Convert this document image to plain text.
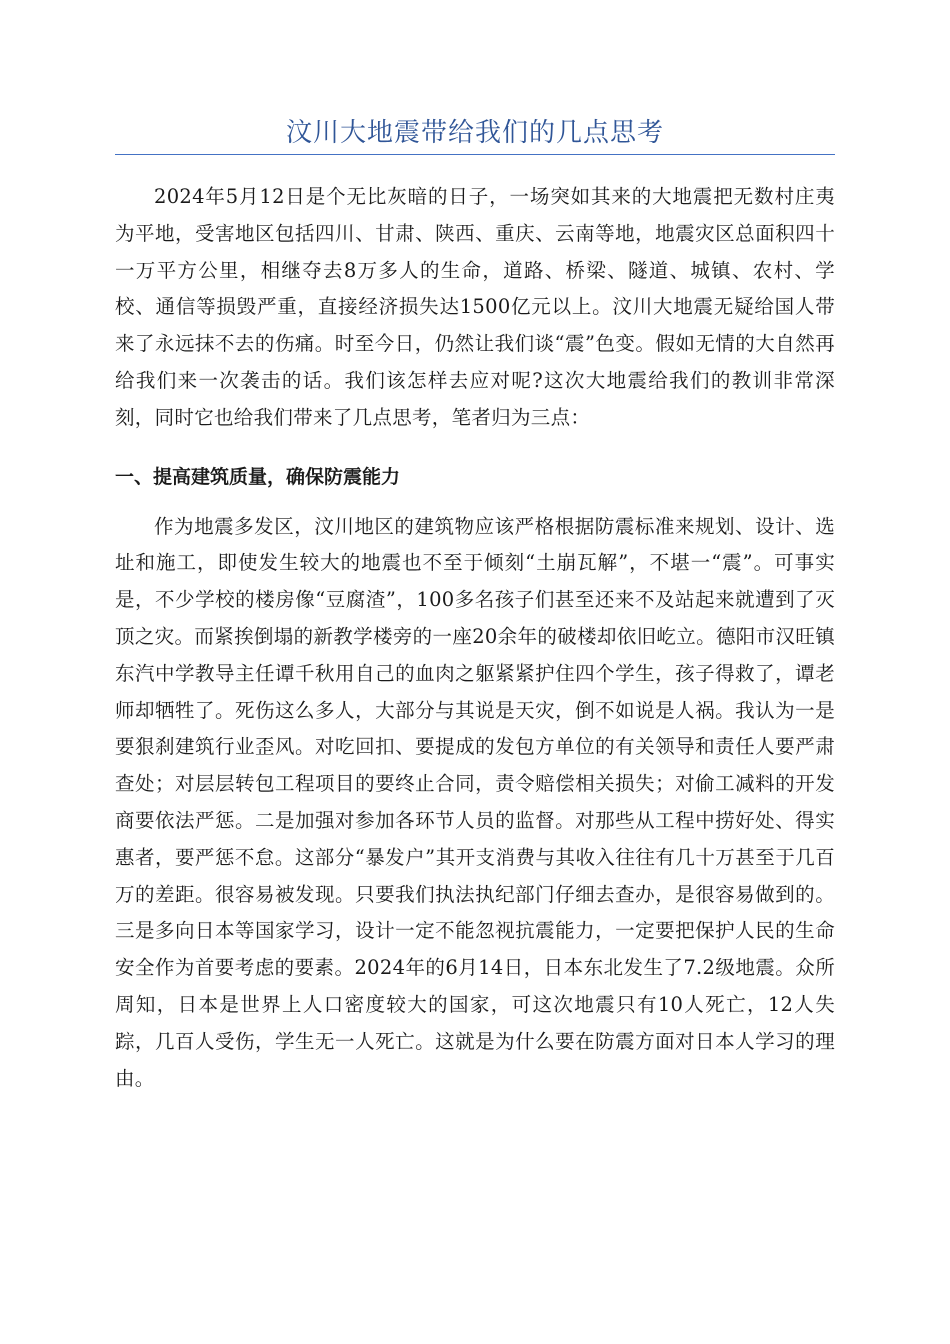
汶川大地震带给我们的几点思考

2024年5月12日是个无比灰暗的日子，一场突如其来的大地震把无数村庄夷为平地，受害地区包括四川、甘肃、陕西、重庆、云南等地，地震灾区总面积四十一万平方公里，相继夺去8万多人的生命，道路、桥梁、隧道、城镇、农村、学校、通信等损毁严重，直接经济损失达1500亿元以上。汶川大地震无疑给国人带来了永远抹不去的伤痛。时至今日，仍然让我们谈“震”色变。假如无情的大自然再给我们来一次袭击的话。我们该怎样去应对呢?这次大地震给我们的教训非常深刻，同时它也给我们带来了几点思考，笔者归为三点：

一、提高建筑质量，确保防震能力

作为地震多发区，汶川地区的建筑物应该严格根据防震标准来规划、设计、选址和施工，即使发生较大的地震也不至于倾刻“土崩瓦解”，不堪一“震”。可事实是，不少学校的楼房像“豆腐渣”，100多名孩子们甚至还来不及站起来就遭到了灭顶之灾。而紧挨倒塌的新教学楼旁的一座20余年的破楼却依旧屹立。德阳市汉旺镇东汽中学教导主任谭千秋用自己的血肉之躯紧紧护住四个学生，孩子得救了，谭老师却牺牲了。死伤这么多人，大部分与其说是天灾，倒不如说是人祸。我认为一是要狠刹建筑行业歪风。对吃回扣、要提成的发包方单位的有关领导和责任人要严肃查处；对层层转包工程项目的要终止合同，责令赔偿相关损失；对偷工减料的开发商要依法严惩。二是加强对参加各环节人员的监督。对那些从工程中捞好处、得实惠者，要严惩不怠。这部分“暴发户”其开支消费与其收入往往有几十万甚至于几百万的差距。很容易被发现。只要我们执法执纪部门仔细去查办，是很容易做到的。三是多向日本等国家学习，设计一定不能忽视抗震能力，一定要把保护人民的生命安全作为首要考虑的要素。2024年的6月14日，日本东北发生了7.2级地震。众所周知，日本是世界上人口密度较大的国家，可这次地震只有10人死亡，12人失踪，几百人受伤，学生无一人死亡。这就是为什么要在防震方面对日本人学习的理由。
